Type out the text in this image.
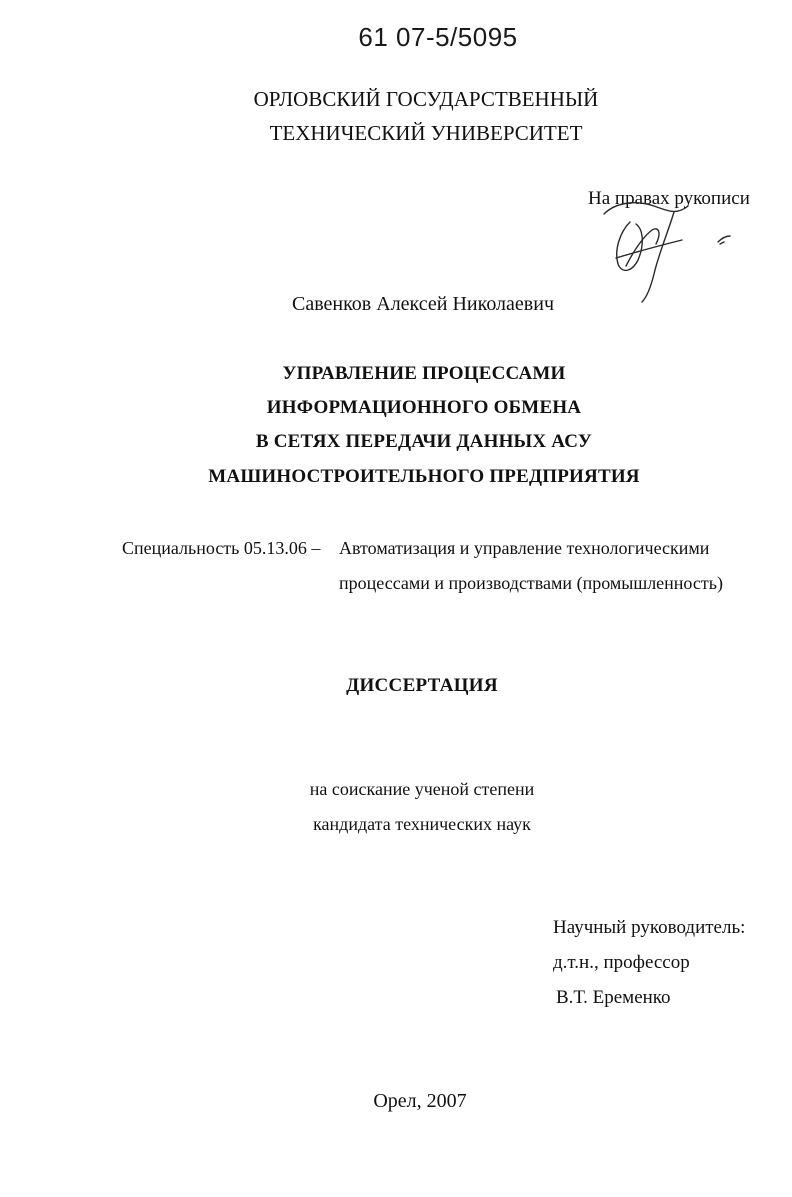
61 07-5/5095
ОРЛОВСКИЙ ГОСУДАРСТВЕННЫЙ
ТЕХНИЧЕСКИЙ УНИВЕРСИТЕТ
На правах рукописи
Савенков Алексей Николаевич
УПРАВЛЕНИЕ ПРОЦЕССАМИ
ИНФОРМАЦИОННОГО ОБМЕНА
В СЕТЯХ ПЕРЕДАЧИ ДАННЫХ АСУ
МАШИНОСТРОИТЕЛЬНОГО ПРЕДПРИЯТИЯ
Специальность 05.13.06 – Автоматизация и управление технологическими
процессами и производствами (промышленность)
ДИССЕРТАЦИЯ
на соискание ученой степени
кандидата технических наук
Научный руководитель:
д.т.н., профессор
В.Т. Еременко
Орел, 2007
